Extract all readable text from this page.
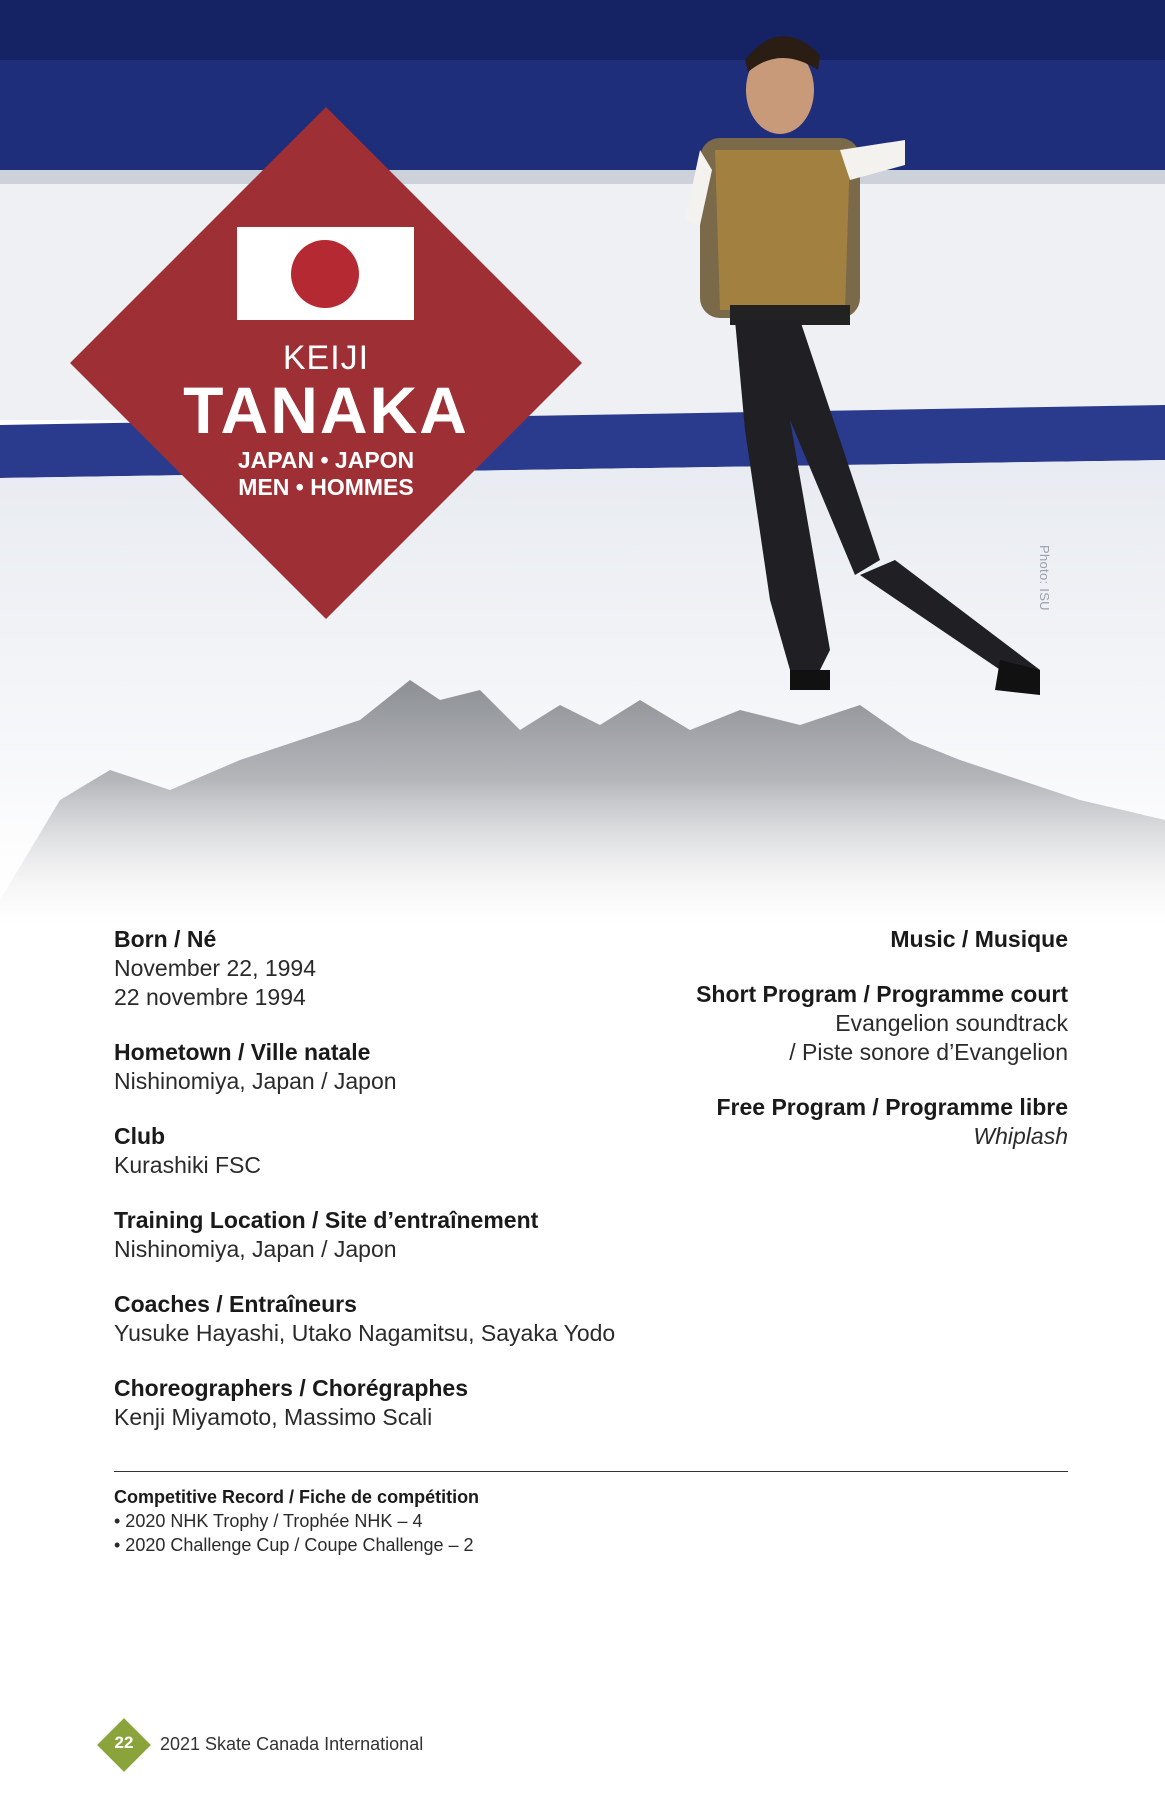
Photo: ISU
KEIJI
TANAKA
JAPAN • JAPON
MEN • HOMMES
Born / Né
November 22, 1994
22 novembre 1994
Hometown / Ville natale
Nishinomiya, Japan / Japon
Club
Kurashiki FSC
Training Location / Site d’entraînement
Nishinomiya, Japan / Japon
Coaches / Entraîneurs
Yusuke Hayashi, Utako Nagamitsu, Sayaka Yodo
Choreographers / Chorégraphes
Kenji Miyamoto, Massimo Scali
Music / Musique
Short Program / Programme court
Evangelion soundtrack
/ Piste sonore d’Evangelion
Free Program / Programme libre
Whiplash
Competitive Record / Fiche de compétition
• 2020 NHK Trophy / Trophée NHK – 4
• 2020 Challenge Cup / Coupe Challenge – 2
22	2021 Skate Canada International
